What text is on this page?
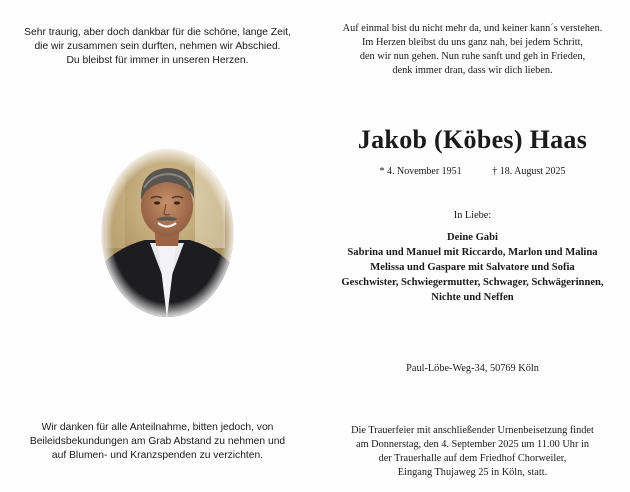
Sehr traurig, aber doch dankbar für die schöne, lange Zeit,
die wir zusammen sein durften, nehmen wir Abschied.
Du bleibst für immer in unseren Herzen.
Wir danken für alle Anteilnahme, bitten jedoch, von
Beileidsbekundungen am Grab Abstand zu nehmen und
auf Blumen- und Kranzspenden zu verzichten.
Auf einmal bist du nicht mehr da, und keiner kann´s verstehen.
Im Herzen bleibst du uns ganz nah, bei jedem Schritt,
den wir nun gehen. Nun ruhe sanft und geh in Frieden,
denk immer dran, dass wir dich lieben.
Jakob (Köbes) Haas
* 4. November 1951	† 18. August 2025
In Liebe:
Deine Gabi
Sabrina und Manuel mit Riccardo, Marlon und Malina
Melissa und Gaspare mit Salvatore und Sofia
Geschwister, Schwiegermutter, Schwager, Schwägerinnen,
Nichte und Neffen
Paul-Löbe-Weg-34, 50769 Köln
Die Trauerfeier mit anschließender Urnenbeisetzung findet
am Donnerstag, den 4. September 2025 um 11.00 Uhr in
der Trauerhalle auf dem Friedhof Chorweiler,
Eingang Thujaweg 25 in Köln, statt.
